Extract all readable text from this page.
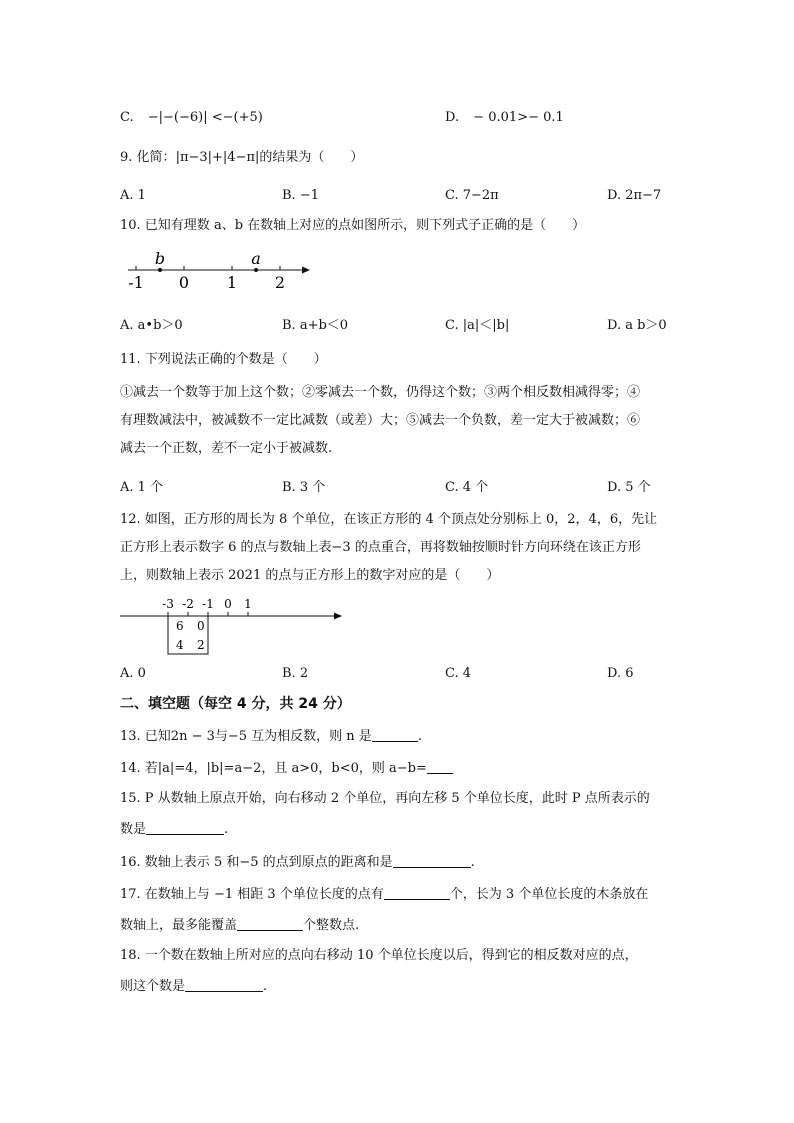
C. −|−(−6)| <−(+5)	D. − 0.01>− 0.1
9. 化简：|π−3|+|4−π|的结果为（　　）
A. 1	B. −1	C. 7−2π	D. 2π−7
10. 已知有理数 a、b 在数轴上对应的点如图所示，则下列式子正确的是（　　）
-1 0 1 2
b	a
A. a•b＞0	B. a+b＜0	C. |a|＜|b|	D. a b＞0
11. 下列说法正确的个数是（　　）
①减去一个数等于加上这个数；②零减去一个数，仍得这个数；③两个相反数相减得零；④
有理数减法中，被减数不一定比减数（或差）大；⑤减去一个负数，差一定大于被减数；⑥
减去一个正数，差不一定小于被减数.
A. 1 个	B. 3 个	C. 4 个	D. 5 个
12. 如图，正方形的周长为 8 个单位，在该正方形的 4 个顶点处分别标上 0，2，4，6，先让
正方形上表示数字 6 的点与数轴上表−3 的点重合，再将数轴按顺时针方向环绕在该正方形
上，则数轴上表示 2021 的点与正方形上的数字对应的是（　　）
-3 -2 -1 0 1
6 0
4 2
A. 0	B. 2	C. 4	D. 6
二、填空题（每空 4 分，共 24 分）
13. 已知2n − 3与−5 互为相反数，则 n 是	.
14. 若|a|=4，|b|=a−2，且 a>0，b<0，则 a−b=
15. P 从数轴上原点开始，向右移动 2 个单位，再向左移 5 个单位长度，此时 P 点所表示的
数是	.
16. 数轴上表示 5 和−5 的点到原点的距离和是	.
17. 在数轴上与 −1 相距 3 个单位长度的点有	个，长为 3 个单位长度的木条放在
数轴上，最多能覆盖	个整数点.
18. 一个数在数轴上所对应的点向右移动 10 个单位长度以后，得到它的相反数对应的点，
则这个数是	.
